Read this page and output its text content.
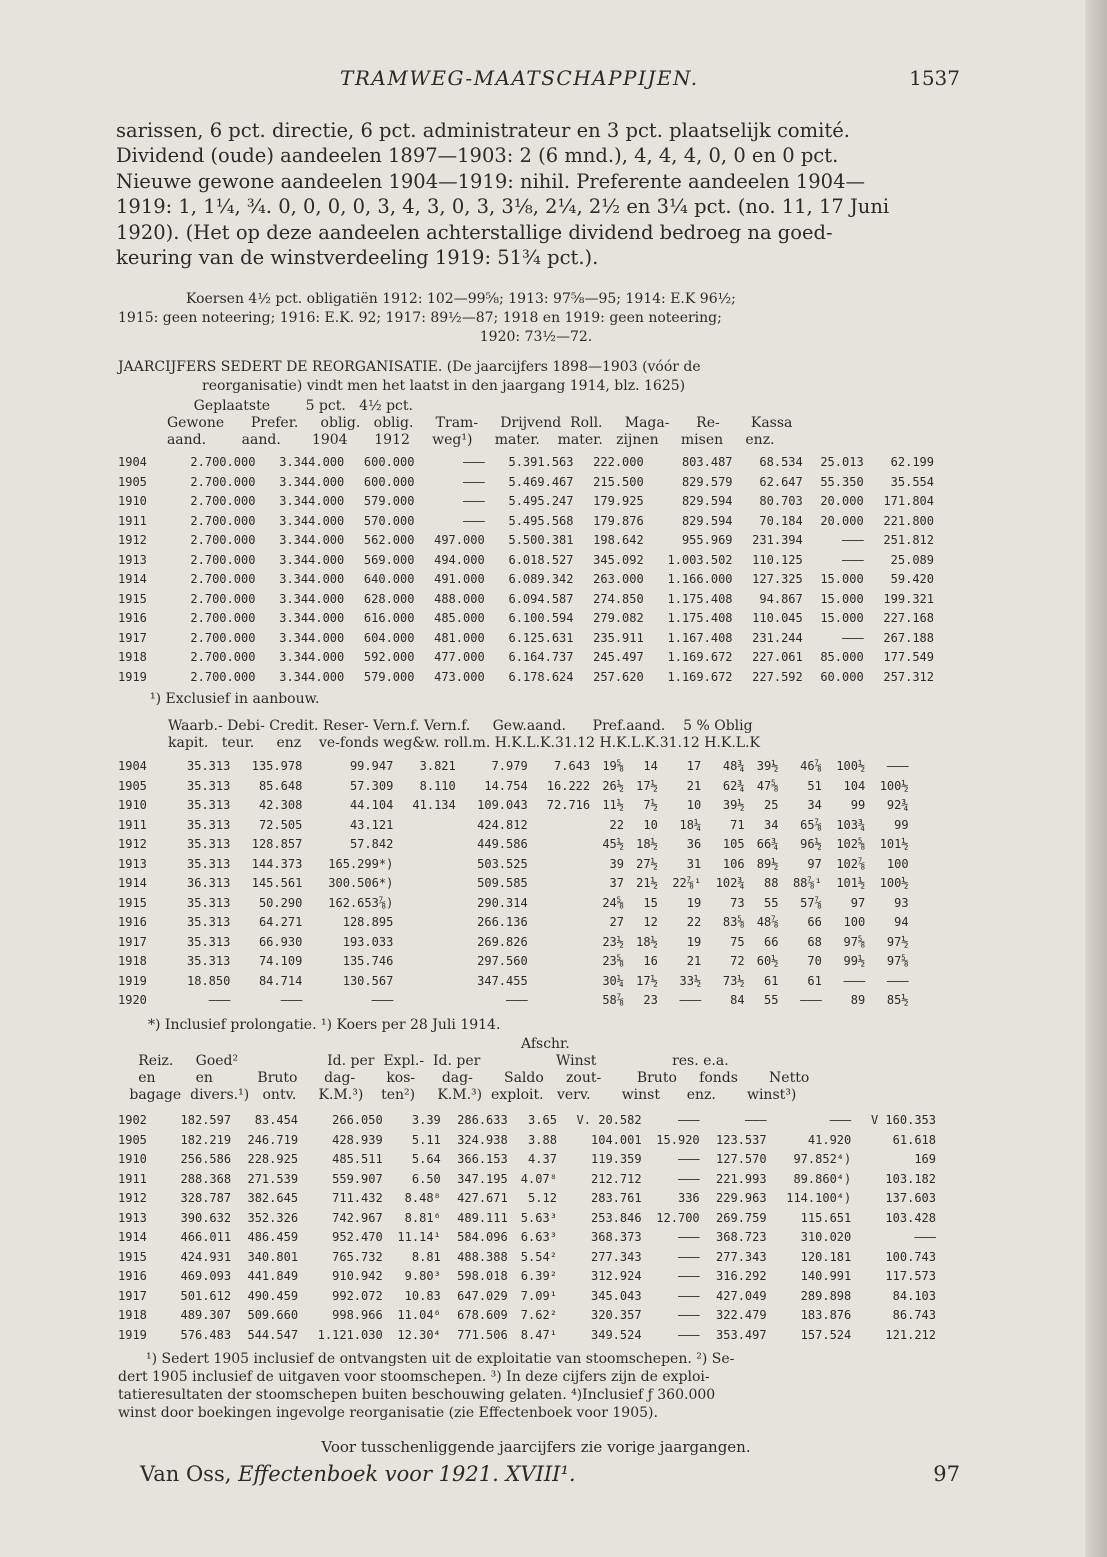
TRAMWEG-MAATSCHAPPIJEN.	1537

sarissen, 6 pct. directie, 6 pct. administrateur en 3 pct. plaatselijk comité.

Dividend (oude) aandeelen 1897—1903: 2 (6 mnd.), 4, 4, 4, 0, 0 en 0 pct.

Nieuwe gewone aandeelen 1904—1919: nihil. Preferente aandeelen 1904—

1919: 1, 1¼, ¾. 0, 0, 0, 0, 3, 4, 3, 0, 3, 3⅛, 2¼, 2½ en 3¼ pct. (no. 11, 17 Juni

1920). (Het op deze aandeelen achterstallige dividend bedroeg na goed-

keuring van de winstverdeeling 1919: 51¾ pct.).

Koersen 4½ pct. obligatiën 1912: 102—99⅝; 1913: 97⅝—95; 1914: E.K 96½;
1915: geen noteering; 1916: E.K. 92; 1917: 89½—87; 1918 en 1919: geen noteering;
1920: 73½—72.
JAARCIJFERS SEDERT DE REORGANISATIE. (De jaarcijfers 1898—1903 (vóór de
reorganisatie) vindt men het laatst in den jaargang 1914, blz. 1625)
Geplaatste        5 pct.   4½ pct.
Gewone      Prefer.     oblig.   oblig.     Tram-     Drijvend  Roll.     Maga-      Re-       Kassa
aand.        aand.       1904      1912     weg¹)     mater.    mater.   zijnen     misen     enz.
1904	2.700.000	3.344.000	600.000	———	5.391.563	222.000	803.487	68.534	25.013	62.199
1905	2.700.000	3.344.000	600.000	———	5.469.467	215.500	829.579	62.647	55.350	35.554
1910	2.700.000	3.344.000	579.000	———	5.495.247	179.925	829.594	80.703	20.000	171.804
1911	2.700.000	3.344.000	570.000	———	5.495.568	179.876	829.594	70.184	20.000	221.800
1912	2.700.000	3.344.000	562.000	497.000	5.500.381	198.642	955.969	231.394	———	251.812
1913	2.700.000	3.344.000	569.000	494.000	6.018.527	345.092	1.003.502	110.125	———	25.089
1914	2.700.000	3.344.000	640.000	491.000	6.089.342	263.000	1.166.000	127.325	15.000	59.420
1915	2.700.000	3.344.000	628.000	488.000	6.094.587	274.850	1.175.408	94.867	15.000	199.321
1916	2.700.000	3.344.000	616.000	485.000	6.100.594	279.082	1.175.408	110.045	15.000	227.168
1917	2.700.000	3.344.000	604.000	481.000	6.125.631	235.911	1.167.408	231.244	———	267.188
1918	2.700.000	3.344.000	592.000	477.000	6.164.737	245.497	1.169.672	227.061	85.000	177.549
1919	2.700.000	3.344.000	579.000	473.000	6.178.624	257.620	1.169.672	227.592	60.000	257.312
¹) Exclusief in aanbouw.
Waarb.- Debi- Credit. Reser- Vern.f. Vern.f.     Gew.aand.      Pref.aand.    5 % Oblig
kapit.   teur.     enz    ve-fonds weg&w. roll.m. H.K.L.K.31.12 H.K.L.K.31.12 H.K.L.K
1904	35.313	135.978	99.947	3.821	7.979	7.643	19⅝	14	17	48¾	39½	46⅞	100½	———	
1905	35.313	85.648	57.309	8.110	14.754	16.222	26½	17½	21	62¾	47⅝	51	104	100½	
1910	35.313	42.308	44.104	41.134	109.043	72.716	11½	7½	10	39½	25	34	99	92¾	
1911	35.313	72.505	43.121		424.812		22	10	18¼	71	34	65⅞	103¾	99	
1912	35.313	128.857	57.842		449.586		45½	18½	36	105	66¾	96½	102⅝	101½	
1913	35.313	144.373	165.299*)		503.525		39	27½	31	106	89½	97	102⅞	100	
1914	36.313	145.561	300.506*)		509.585		37	21½	22⅞¹	102¾	88	88⅞¹	101½	100½	
1915	35.313	50.290	162.653⅞)		290.314		24⅝	15	19	73	55	57⅞	97	93	
1916	35.313	64.271	128.895		266.136		27	12	22	83⅝	48⅞	66	100	94	
1917	35.313	66.930	193.033		269.826		23½	18½	19	75	66	68	97⅝	97½	
1918	35.313	74.109	135.746		297.560		23⅝	16	21	72	60½	70	99½	97⅝	
1919	18.850	84.714	130.567		347.455		30¼	17½	33½	73½	61	61	———	———	
1920	———	———	———		———		58⅞	23	———	84	55	———	89	85½	
*) Inclusief prolongatie. ¹) Koers per 28 Juli 1914.
Afschr.
Reiz.     Goed²                    Id. per  Expl.-  Id. per                 Winst                 res. e.a.
en         en          Bruto      dag-       kos-      dag-       Saldo     zout-        Bruto     fonds       Netto
bagage  divers.¹)   ontv.     K.M.³)    ten²)     K.M.³)  exploit.   verv.       winst      enz.       winst³)
1902	182.597	83.454	266.050	3.39	286.633	3.65	V. 20.582	———	———	———	V 160.353
1905	182.219	246.719	428.939	5.11	324.938	3.88	104.001	15.920	123.537	41.920	61.618
1910	256.586	228.925	485.511	5.64	366.153	4.37	119.359	———	127.570	97.852⁴)	169
1911	288.368	271.539	559.907	6.50	347.195	4.07⁸	212.712	———	221.993	89.860⁴)	103.182
1912	328.787	382.645	711.432	8.48⁸	427.671	5.12	283.761	336	229.963	114.100⁴)	137.603
1913	390.632	352.326	742.967	8.81⁶	489.111	5.63³	253.846	12.700	269.759	115.651	103.428
1914	466.011	486.459	952.470	11.14¹	584.096	6.63³	368.373	———	368.723	310.020	———
1915	424.931	340.801	765.732	8.81	488.388	5.54²	277.343	———	277.343	120.181	100.743
1916	469.093	441.849	910.942	9.80³	598.018	6.39²	312.924	———	316.292	140.991	117.573
1917	501.612	490.459	992.072	10.83	647.029	7.09¹	345.043	———	427.049	289.898	84.103
1918	489.307	509.660	998.966	11.04⁶	678.609	7.62²	320.357	———	322.479	183.876	86.743
1919	576.483	544.547	1.121.030	12.30⁴	771.506	8.47¹	349.524	———	353.497	157.524	121.212
¹) Sedert 1905 inclusief de ontvangsten uit de exploitatie van stoomschepen. ²) Se-
dert 1905 inclusief de uitgaven voor stoomschepen. ³) In deze cijfers zijn de exploi-
tatieresultaten der stoomschepen buiten beschouwing gelaten. ⁴)Inclusief ƒ 360.000
winst door boekingen ingevolge reorganisatie (zie Effectenboek voor 1905).
Voor tusschenliggende jaarcijfers zie vorige jaargangen.
Van Oss, Effectenboek voor 1921. XVIII¹.	97
